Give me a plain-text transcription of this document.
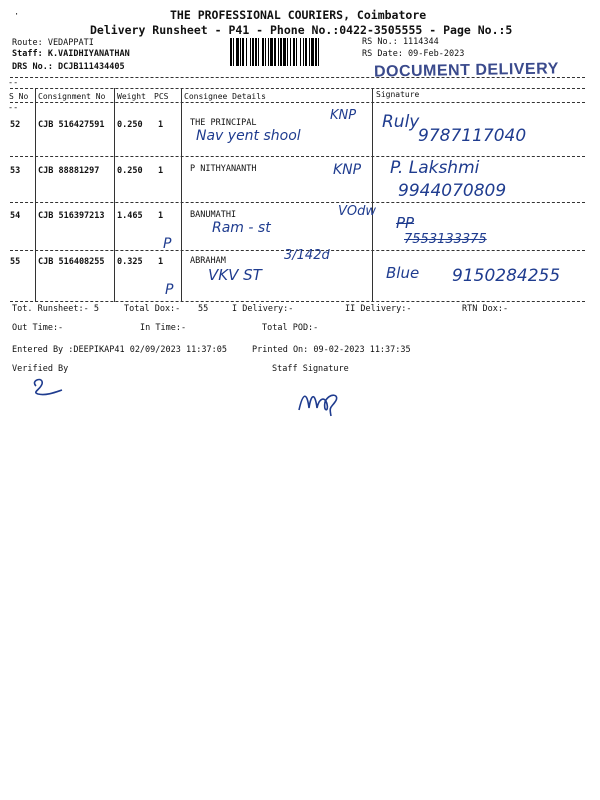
·	THE PROFESSIONAL COURIERS, Coimbatore
Delivery Runsheet - P41 - Phone No.:0422-3505555 - Page No.:5
Route: VEDAPPATI
Staff: K.VAIDHIYANATHAN
DRS No.: DCJB111434405
RS No.: 1114344
RS Date: 09-Feb-2023
DOCUMENT DELIVERY
--
S No Consignment No Weight PCS Consignee Details	Signature
--
52 CJB 516427591 0.250 1	THE PRINCIPAL	KNP
Nav yent shool
Ruly
9787117040
53 CJB 88881297 0.250 1	P NITHYANANTH	KNP P. Lakshmi
9944070809
54 CJB 516397213 1.465 1	BANUMATHI	VOdw
Ram - st	PP
7553133375
P
55 CJB 516408255 0.325 1	ABRAHAM	3/142d
VKV ST	Blue 9150284255
P
Tot. Runsheet:- 5	Total Dox:- 55	I Delivery:-	II Delivery:-	RTN Dox:-
Out Time:-	In Time:-	Total POD:-
Entered By :DEEPIKAP41 02/09/2023 11:37:05	Printed On: 09-02-2023 11:37:35
Verified By	Staff Signature
